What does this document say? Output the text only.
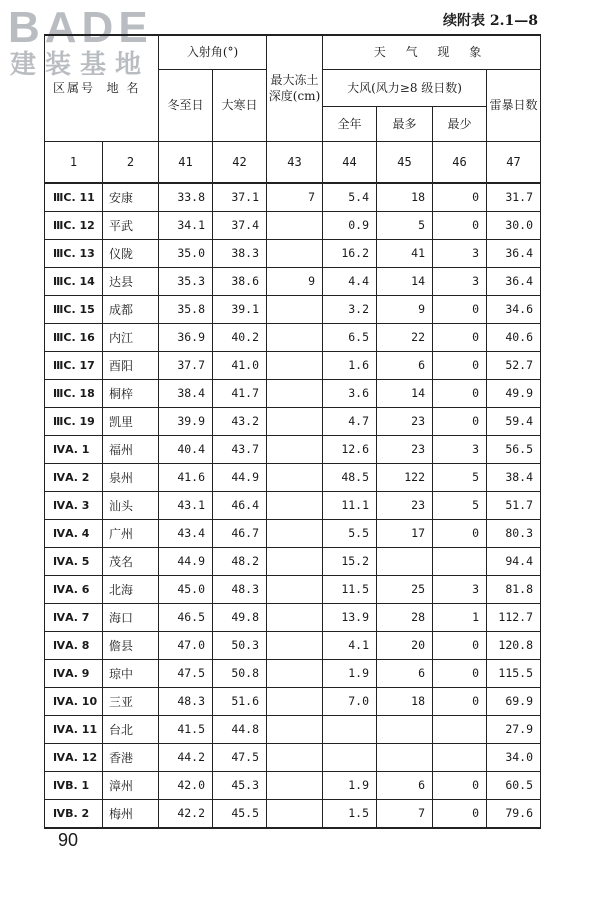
BADE
建装基地
续附表 2.1—8
区属号 地 名		入射角(°)		最大冻土深度(cm)	天 气 现 象			
		冬至日	大寒日		大风(风力≥8 级日数)			雷暴日数
					全年	最多	最少	
1	2	41	42	43	44	45	46	47
ⅢC. 11	安康	33.8	37.1	7	5.4	18	0	31.7
ⅢC. 12	平武	34.1	37.4		0.9	5	0	30.0
ⅢC. 13	仪陇	35.0	38.3		16.2	41	3	36.4
ⅢC. 14	达县	35.3	38.6	9	4.4	14	3	36.4
ⅢC. 15	成都	35.8	39.1		3.2	9	0	34.6
ⅢC. 16	内江	36.9	40.2		6.5	22	0	40.6
ⅢC. 17	酉阳	37.7	41.0		1.6	6	0	52.7
ⅢC. 18	桐梓	38.4	41.7		3.6	14	0	49.9
ⅢC. 19	凯里	39.9	43.2		4.7	23	0	59.4
ⅣA. 1	福州	40.4	43.7		12.6	23	3	56.5
ⅣA. 2	泉州	41.6	44.9		48.5	122	5	38.4
ⅣA. 3	汕头	43.1	46.4		11.1	23	5	51.7
ⅣA. 4	广州	43.4	46.7		5.5	17	0	80.3
ⅣA. 5	茂名	44.9	48.2		15.2			94.4
ⅣA. 6	北海	45.0	48.3		11.5	25	3	81.8
ⅣA. 7	海口	46.5	49.8		13.9	28	1	112.7
ⅣA. 8	儋县	47.0	50.3		4.1	20	0	120.8
ⅣA. 9	琼中	47.5	50.8		1.9	6	0	115.5
ⅣA. 10	三亚	48.3	51.6		7.0	18	0	69.9
ⅣA. 11	台北	41.5	44.8					27.9
ⅣA. 12	香港	44.2	47.5					34.0
ⅣB. 1	漳州	42.0	45.3		1.9	6	0	60.5
ⅣB. 2	梅州	42.2	45.5		1.5	7	0	79.6
90
